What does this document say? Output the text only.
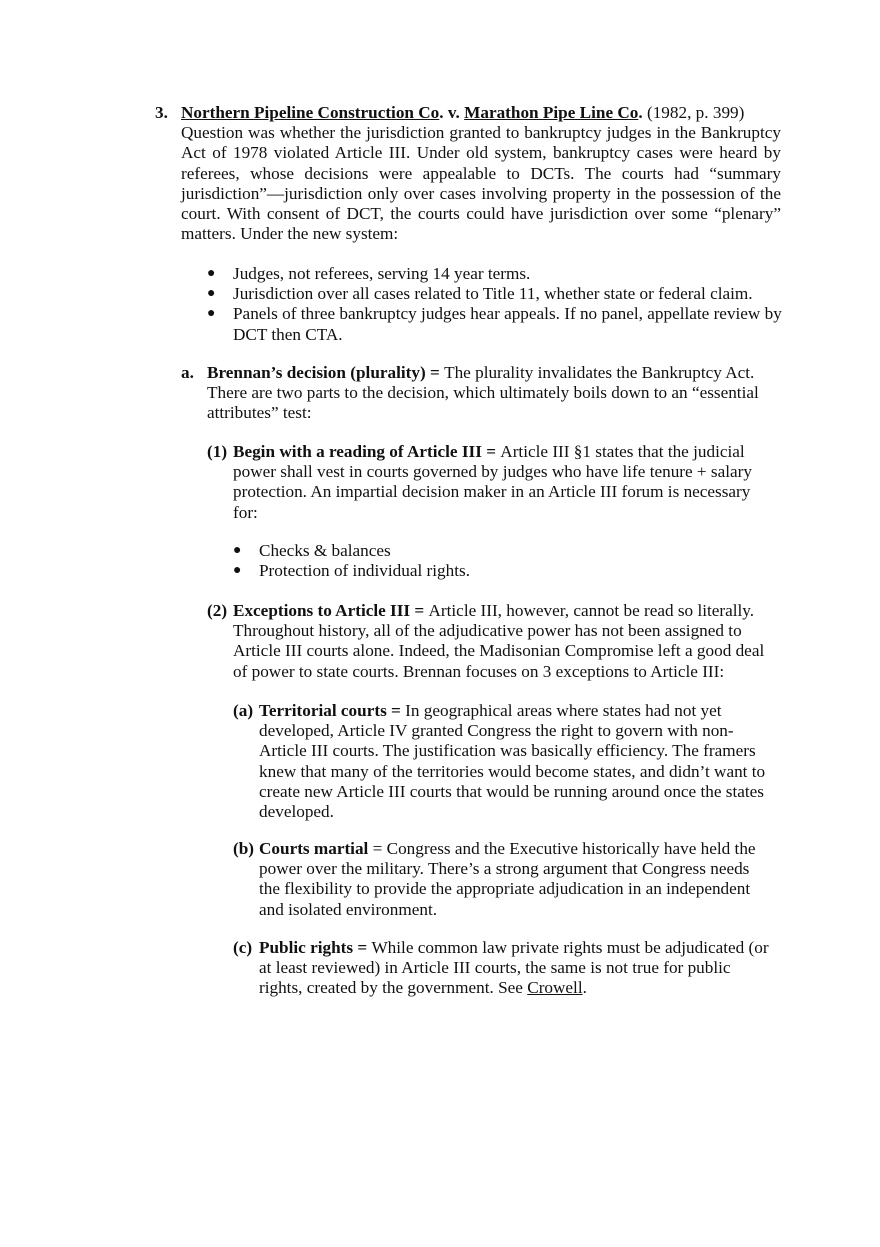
3. Northern Pipeline Construction Co. v. Marathon Pipe Line Co. (1982, p. 399)
Question was whether the jurisdiction granted to bankruptcy judges in the Bankruptcy Act of 1978 violated Article III. Under old system, bankruptcy cases were heard by referees, whose decisions were appealable to DCTs. The courts had “summary jurisdiction”—jurisdiction only over cases involving property in the possession of the court. With consent of DCT, the courts could have jurisdiction over some “plenary” matters. Under the new system:
● Judges, not referees, serving 14 year terms.
● Jurisdiction over all cases related to Title 11, whether state or federal claim.
● Panels of three bankruptcy judges hear appeals. If no panel, appellate review by DCT then CTA.
a. Brennan’s decision (plurality) = The plurality invalidates the Bankruptcy Act. There are two parts to the decision, which ultimately boils down to an “essential attributes” test:
(1) Begin with a reading of Article III = Article III §1 states that the judicial power shall vest in courts governed by judges who have life tenure + salary protection. An impartial decision maker in an Article III forum is necessary for:
● Checks & balances
● Protection of individual rights.
(2) Exceptions to Article III = Article III, however, cannot be read so literally. Throughout history, all of the adjudicative power has not been assigned to Article III courts alone. Indeed, the Madisonian Compromise left a good deal of power to state courts. Brennan focuses on 3 exceptions to Article III:
(a) Territorial courts = In geographical areas where states had not yet developed, Article IV granted Congress the right to govern with non-Article III courts. The justification was basically efficiency. The framers knew that many of the territories would become states, and didn’t want to create new Article III courts that would be running around once the states developed.
(b) Courts martial = Congress and the Executive historically have held the power over the military. There’s a strong argument that Congress needs the flexibility to provide the appropriate adjudication in an independent and isolated environment.
(c) Public rights = While common law private rights must be adjudicated (or at least reviewed) in Article III courts, the same is not true for public rights, created by the government. See Crowell.
